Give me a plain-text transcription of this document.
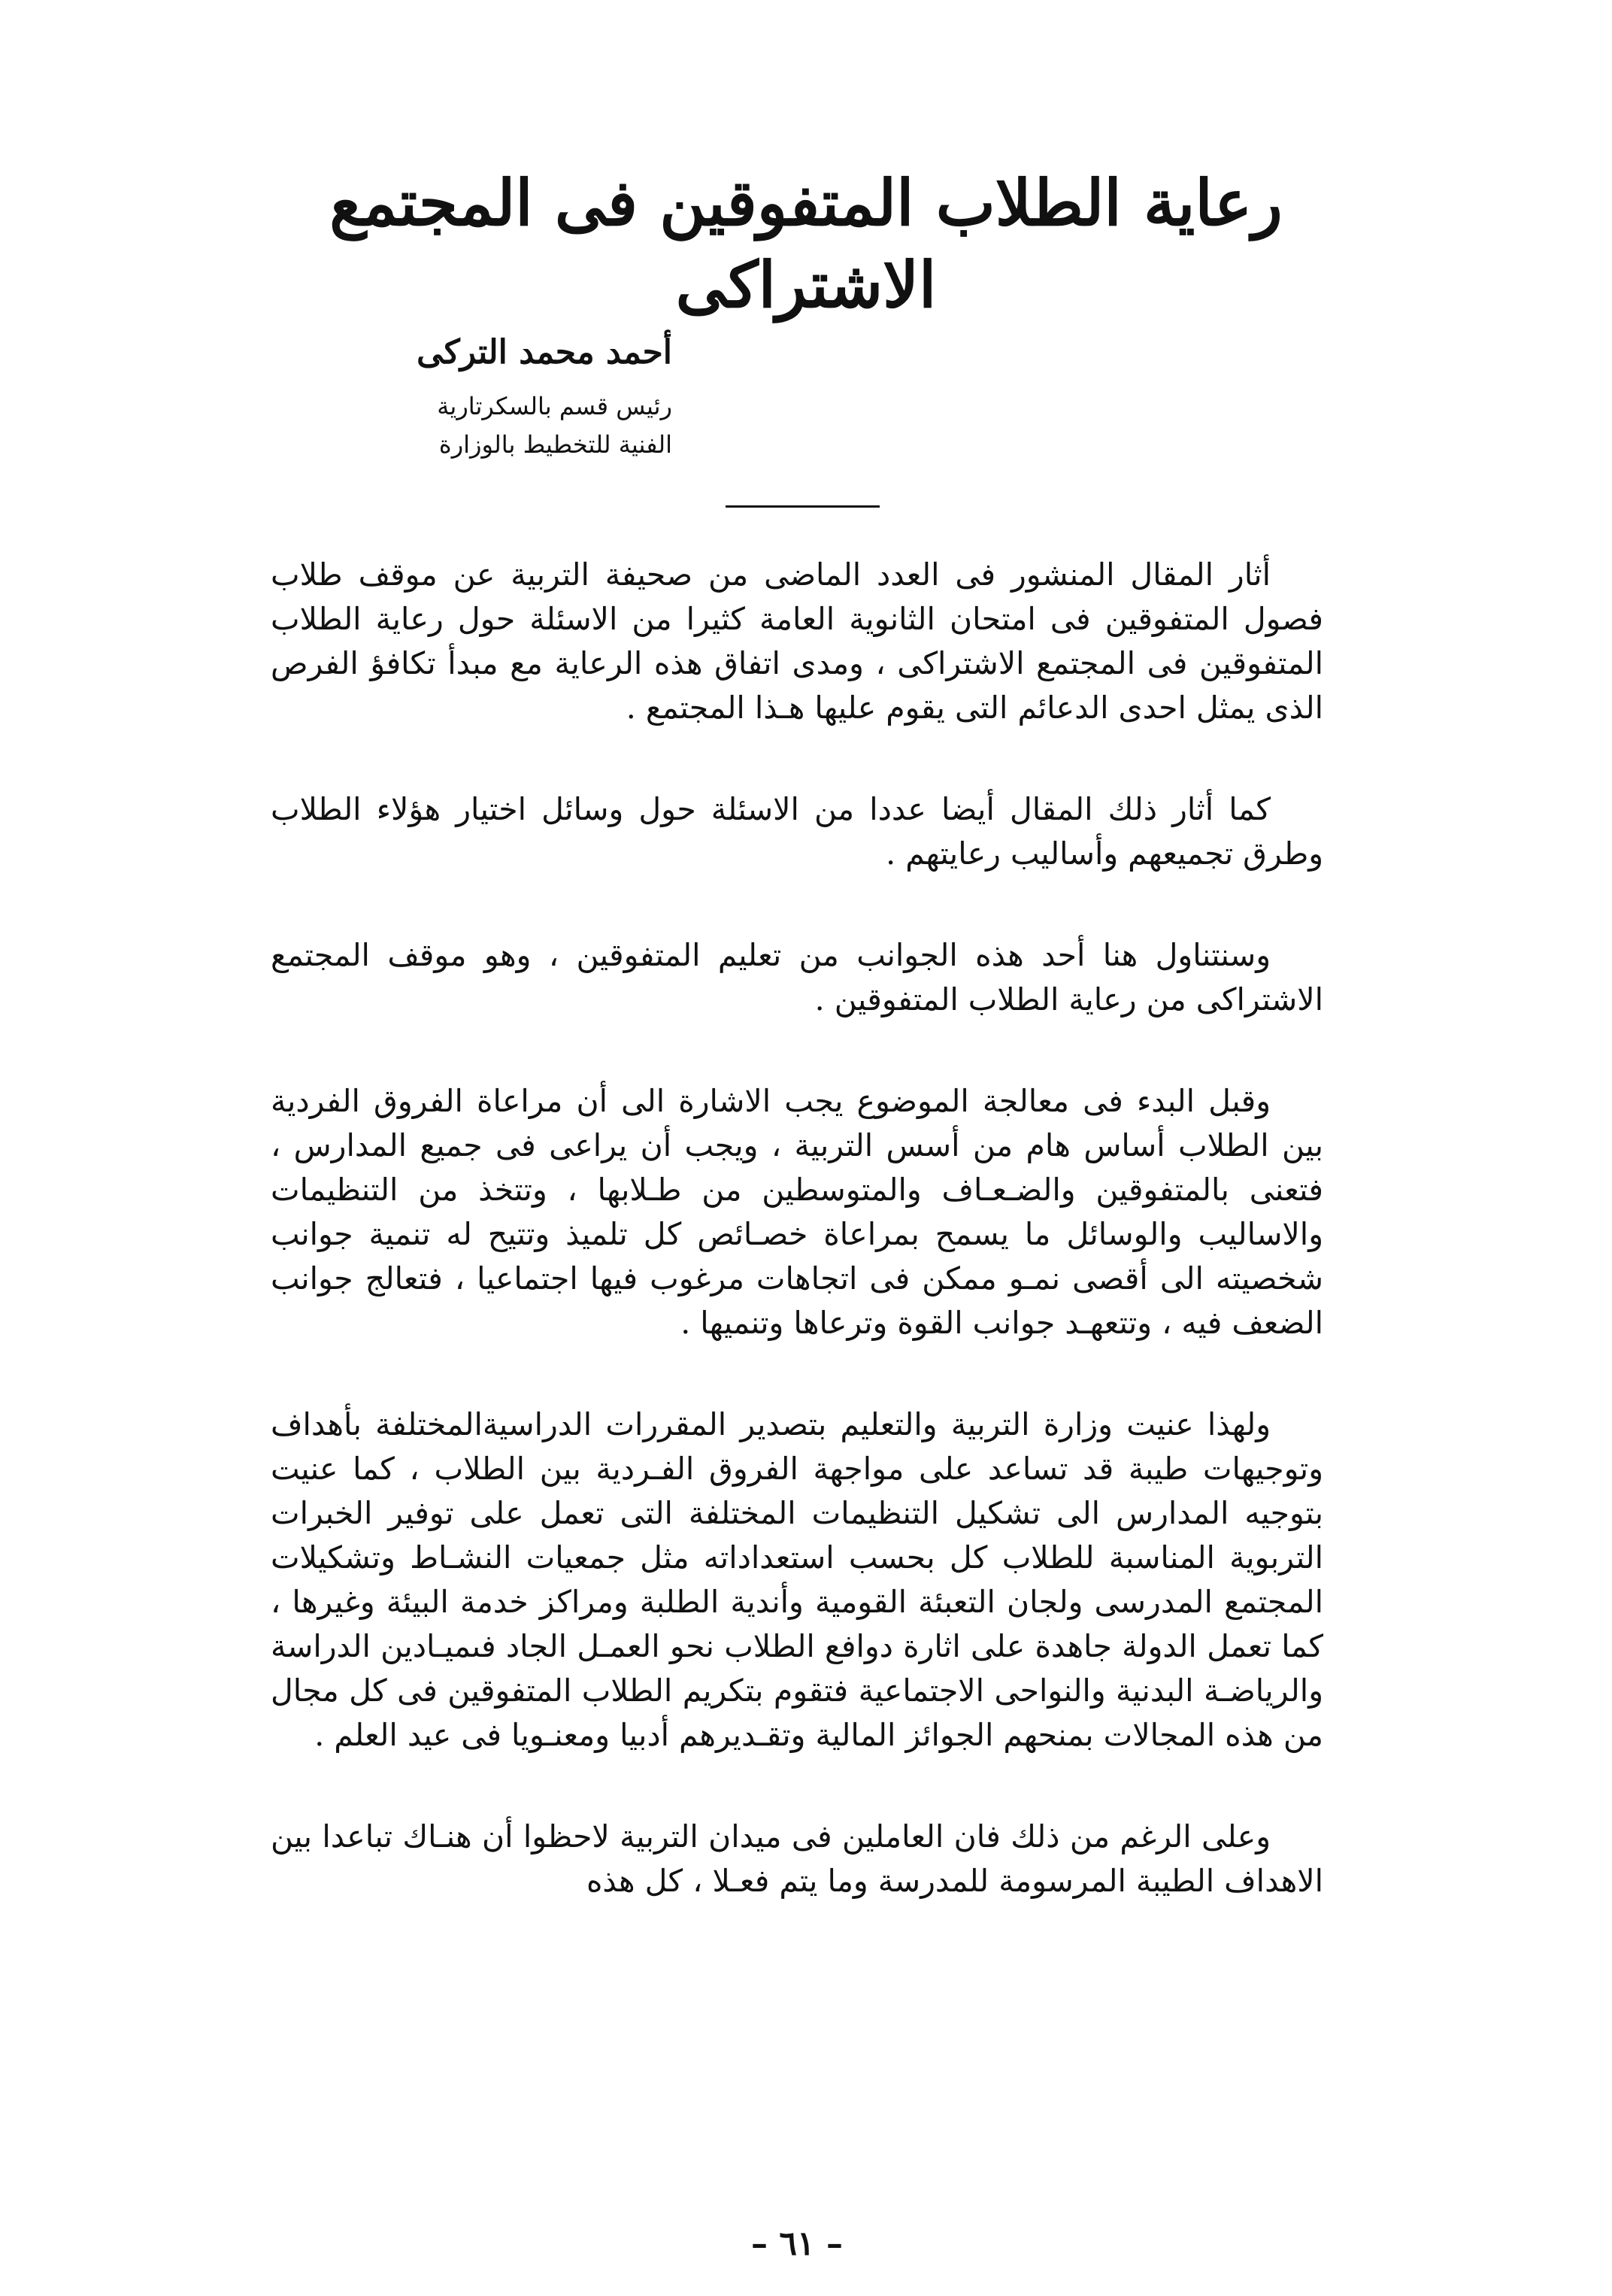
رعاية الطلاب المتفوقين فى المجتمع الاشتراكى

أحمد محمد التركى

رئيس قسم بالسكرتارية

الفنية للتخطيط بالوزارة

أثار المقال المنشور فى العدد الماضى من صحيفة التربية عن موقف طلاب فصول المتفوقين فى امتحان الثانوية العامة كثيرا من الاسئلة حول رعاية الطلاب المتفوقين فى المجتمع الاشتراكى ، ومدى اتفاق هذه الرعاية مع مبدأ تكافؤ الفرص الذى يمثل احدى الدعائم التى يقوم عليها هـذا المجتمع .

كما أثار ذلك المقال أيضا عددا من الاسئلة حول وسائل اختيار هؤلاء الطلاب وطرق تجميعهم وأساليب رعايتهم .

وسنتناول هنا أحد هذه الجوانب من تعليم المتفوقين ، وهو موقف المجتمع الاشتراكى من رعاية الطلاب المتفوقين .

وقبل البدء فى معالجة الموضوع يجب الاشارة الى أن مراعاة الفروق الفردية بين الطلاب أساس هام من أسس التربية ، ويجب أن يراعى فى جميع المدارس ، فتعنى بالمتفوقين والضـعـاف والمتوسطين من طـلابها ، وتتخذ من التنظيمات والاساليب والوسائل ما يسمح بمراعاة خصـائص كل تلميذ وتتيح له تنمية جوانب شخصيته الى أقصى نمـو ممكن فى اتجاهات مرغوب فيها اجتماعيا ، فتعالج جوانب الضعف فيه ، وتتعهـد جوانب القوة وترعاها وتنميها .

ولهذا عنيت وزارة التربية والتعليم بتصدير المقررات الدراسيةالمختلفة بأهداف وتوجيهات طيبة قد تساعد على مواجهة الفروق الفـردية بين الطلاب ، كما عنيت بتوجيه المدارس الى تشكيل التنظيمات المختلفة التى تعمل على توفير الخبرات التربوية المناسبة للطلاب كل بحسب استعداداته مثل جمعيات النشـاط وتشكيلات المجتمع المدرسى ولجان التعبئة القومية وأندية الطلبة ومراكز خدمة البيئة وغيرها ، كما تعمل الدولة جاهدة على اثارة دوافع الطلاب نحو العمـل الجاد فىميـادين الدراسة والرياضـة البدنية والنواحى الاجتماعية فتقوم بتكريم الطلاب المتفوقين فى كل مجال من هذه المجالات بمنحهم الجوائز المالية وتقـديرهم أدبيا ومعنـويا فى عيد العلم .

وعلى الرغم من ذلك فان العاملين فى ميدان التربية لاحظوا أن هنـاك تباعدا بين الاهداف الطيبة المرسومة للمدرسة وما يتم فعـلا ، كل هذه

– ٦١ –
